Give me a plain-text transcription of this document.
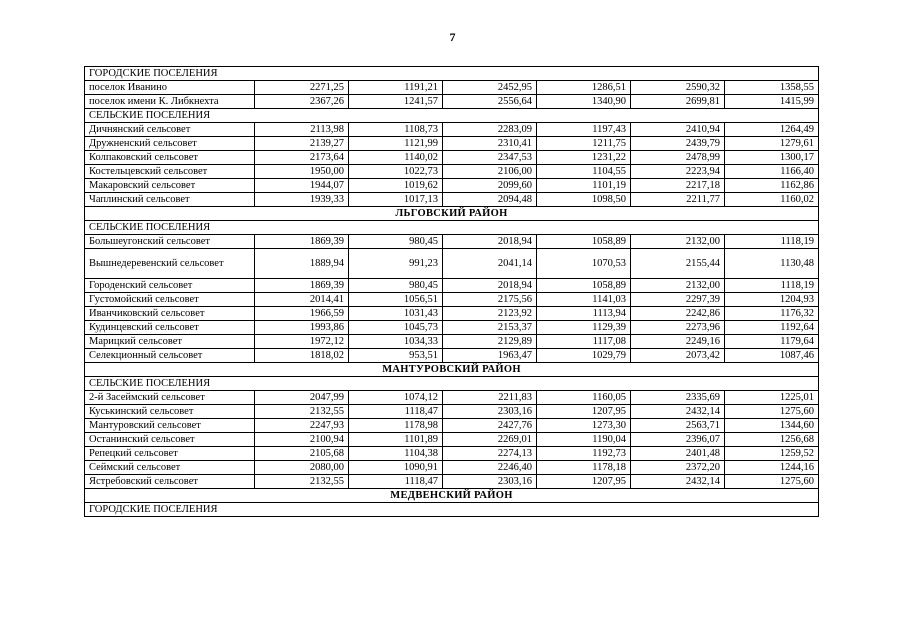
7
ГОРОДСКИЕ ПОСЕЛЕНИЯ						
поселок Иванино	2271,25	1191,21	2452,95	1286,51	2590,32	1358,55
поселок имени К. Либкнехта	2367,26	1241,57	2556,64	1340,90	2699,81	1415,99
СЕЛЬСКИЕ ПОСЕЛЕНИЯ						
Дичнянский сельсовет	2113,98	1108,73	2283,09	1197,43	2410,94	1264,49
Дружненский сельсовет	2139,27	1121,99	2310,41	1211,75	2439,79	1279,61
Колпаковский сельсовет	2173,64	1140,02	2347,53	1231,22	2478,99	1300,17
Костельцевский сельсовет	1950,00	1022,73	2106,00	1104,55	2223,94	1166,40
Макаровский сельсовет	1944,07	1019,62	2099,60	1101,19	2217,18	1162,86
Чаплинский сельсовет	1939,33	1017,13	2094,48	1098,50	2211,77	1160,02
ЛЬГОВСКИЙ РАЙОН						
СЕЛЬСКИЕ ПОСЕЛЕНИЯ						
Большеугонский сельсовет	1869,39	980,45	2018,94	1058,89	2132,00	1118,19
Вышнедеревенский сельсовет	1889,94	991,23	2041,14	1070,53	2155,44	1130,48
Городенский сельсовет	1869,39	980,45	2018,94	1058,89	2132,00	1118,19
Густомойский сельсовет	2014,41	1056,51	2175,56	1141,03	2297,39	1204,93
Иванчиковский сельсовет	1966,59	1031,43	2123,92	1113,94	2242,86	1176,32
Кудинцевский сельсовет	1993,86	1045,73	2153,37	1129,39	2273,96	1192,64
Марицкий сельсовет	1972,12	1034,33	2129,89	1117,08	2249,16	1179,64
Селекционный сельсовет	1818,02	953,51	1963,47	1029,79	2073,42	1087,46
МАНТУРОВСКИЙ РАЙОН						
СЕЛЬСКИЕ ПОСЕЛЕНИЯ						
2-й Засеймский сельсовет	2047,99	1074,12	2211,83	1160,05	2335,69	1225,01
Куськинский сельсовет	2132,55	1118,47	2303,16	1207,95	2432,14	1275,60
Мантуровский сельсовет	2247,93	1178,98	2427,76	1273,30	2563,71	1344,60
Останинский сельсовет	2100,94	1101,89	2269,01	1190,04	2396,07	1256,68
Репецкий сельсовет	2105,68	1104,38	2274,13	1192,73	2401,48	1259,52
Сеймский сельсовет	2080,00	1090,91	2246,40	1178,18	2372,20	1244,16
Ястребовский сельсовет	2132,55	1118,47	2303,16	1207,95	2432,14	1275,60
МЕДВЕНСКИЙ РАЙОН						
ГОРОДСКИЕ ПОСЕЛЕНИЯ						
